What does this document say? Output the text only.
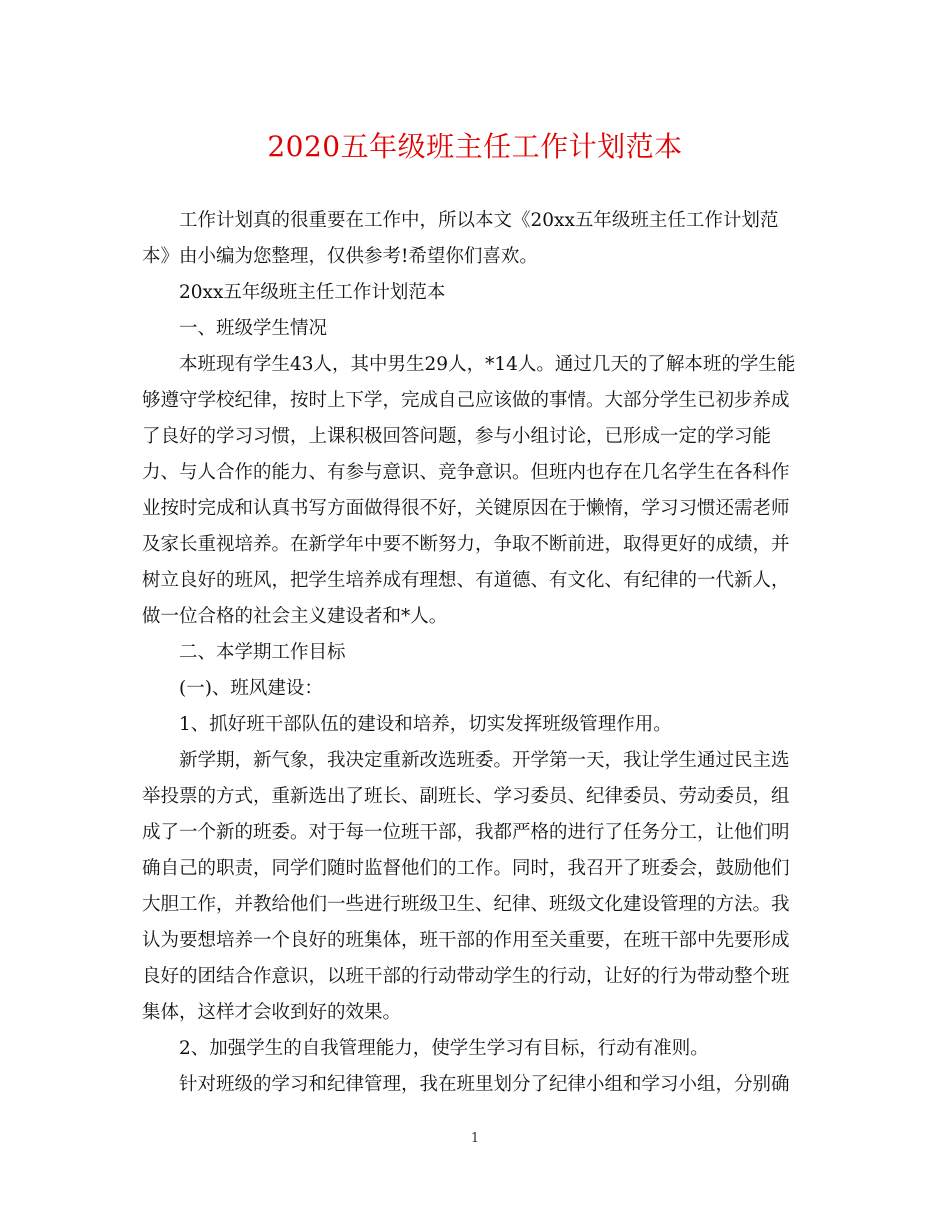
2020五年级班主任工作计划范本

工作计划真的很重要在工作中，所以本文《20xx五年级班主任工作计划范
本》由小编为您整理，仅供参考!希望你们喜欢。

20xx五年级班主任工作计划范本

一、班级学生情况

本班现有学生43人，其中男生29人，*14人。通过几天的了解本班的学生能
够遵守学校纪律，按时上下学，完成自己应该做的事情。大部分学生已初步养成
了良好的学习习惯，上课积极回答问题，参与小组讨论，已形成一定的学习能
力、与人合作的能力、有参与意识、竞争意识。但班内也存在几名学生在各科作
业按时完成和认真书写方面做得很不好，关键原因在于懒惰，学习习惯还需老师
及家长重视培养。在新学年中要不断努力，争取不断前进，取得更好的成绩，并
树立良好的班风，把学生培养成有理想、有道德、有文化、有纪律的一代新人，
做一位合格的社会主义建设者和*人。

二、本学期工作目标

(一)、班风建设：

1、抓好班干部队伍的建设和培养，切实发挥班级管理作用。

新学期，新气象，我决定重新改选班委。开学第一天，我让学生通过民主选
举投票的方式，重新选出了班长、副班长、学习委员、纪律委员、劳动委员，组
成了一个新的班委。对于每一位班干部，我都严格的进行了任务分工，让他们明
确自己的职责，同学们随时监督他们的工作。同时，我召开了班委会，鼓励他们
大胆工作，并教给他们一些进行班级卫生、纪律、班级文化建设管理的方法。我
认为要想培养一个良好的班集体，班干部的作用至关重要，在班干部中先要形成
良好的团结合作意识，以班干部的行动带动学生的行动，让好的行为带动整个班
集体，这样才会收到好的效果。

2、加强学生的自我管理能力，使学生学习有目标，行动有准则。

针对班级的学习和纪律管理，我在班里划分了纪律小组和学习小组，分别确

1
